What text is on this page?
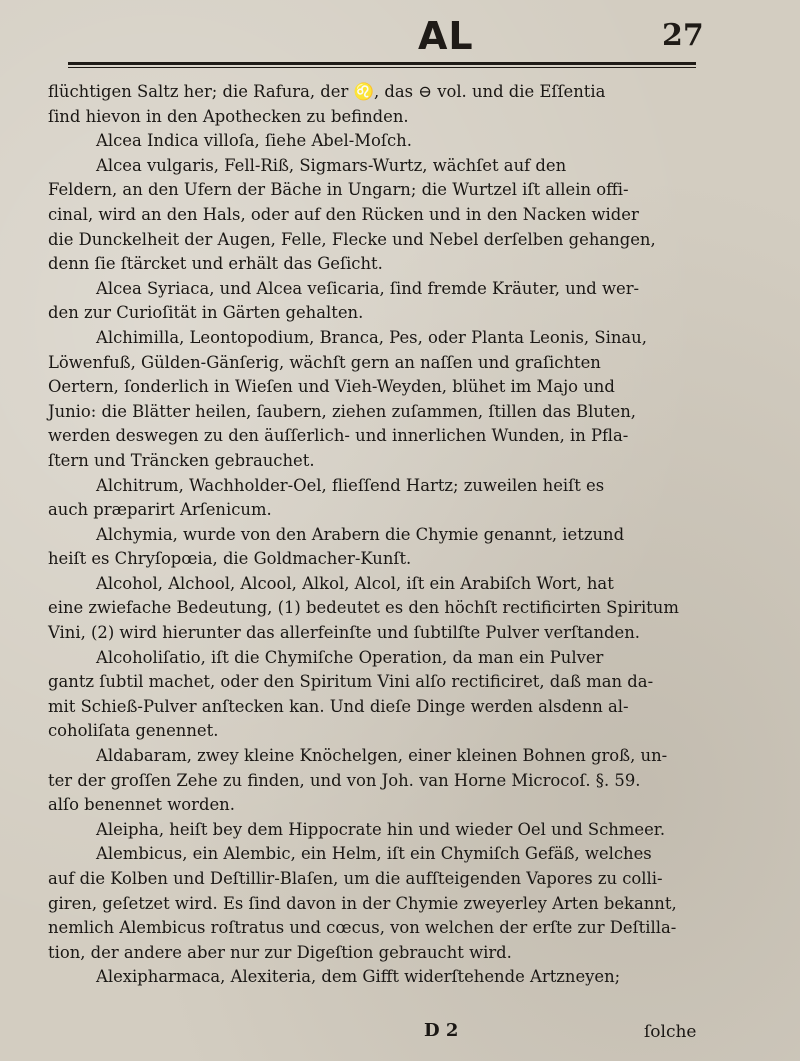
AL	27
flüchtigen Saltz her; die Rafura, der ♌, das ⊖ vol. und die Eſſentia
ſind hievon in den Apothecken zu befinden.
Alcea Indica villoſa, ſiehe Abel-Moſch.
Alcea vulgaris, Fell-Riß, Sigmars-Wurtz, wächſet auf den
Feldern, an den Ufern der Bäche in Ungarn; die Wurtzel iſt allein offi-
cinal, wird an den Hals, oder auf den Rücken und in den Nacken wider
die Dunckelheit der Augen, Felle, Flecke und Nebel derſelben gehangen,
denn ſie ſtärcket und erhält das Geſicht.
Alcea Syriaca, und Alcea veſicaria, ſind fremde Kräuter, und wer-
den zur Curioſität in Gärten gehalten.
Alchimilla, Leontopodium, Branca, Pes, oder Planta Leonis, Sinau,
Löwenfuß, Gülden-Gänſerig, wächſt gern an naſſen und graſichten
Oertern, ſonderlich in Wieſen und Vieh-Weyden, blühet im Majo und
Junio: die Blätter heilen, ſaubern, ziehen zuſammen, ſtillen das Bluten,
werden deswegen zu den äuſſerlich- und innerlichen Wunden, in Pfla-
ſtern und Träncken gebrauchet.
Alchitrum, Wachholder-Oel, flieſſend Hartz; zuweilen heiſt es
auch præparirt Arſenicum.
Alchymia, wurde von den Arabern die Chymie genannt, ietzund
heiſt es Chryſopœia, die Goldmacher-Kunſt.
Alcohol, Alchool, Alcool, Alkol, Alcol, iſt ein Arabiſch Wort, hat
eine zwiefache Bedeutung, (1) bedeutet es den höchſt rectificirten Spiritum
Vini, (2) wird hierunter das allerfeinſte und ſubtilſte Pulver verſtanden.
Alcoholiſatio, iſt die Chymiſche Operation, da man ein Pulver
gantz ſubtil machet, oder den Spiritum Vini alſo rectificiret, daß man da-
mit Schieß-Pulver anſtecken kan. Und dieſe Dinge werden alsdenn al-
coholiſata genennet.
Aldabaram, zwey kleine Knöchelgen, einer kleinen Bohnen groß, un-
ter der groſſen Zehe zu finden, und von Joh. van Horne Microcoſ. §. 59.
alſo benennet worden.
Aleipha, heiſt bey dem Hippocrate hin und wieder Oel und Schmeer.
Alembicus, ein Alembic, ein Helm, iſt ein Chymiſch Gefäß, welches
auf die Kolben und Deſtillir-Blaſen, um die aufſteigenden Vapores zu colli-
giren, geſetzet wird. Es ſind davon in der Chymie zweyerley Arten bekannt,
nemlich Alembicus roſtratus und cœcus, von welchen der erſte zur Deſtilla-
tion, der andere aber nur zur Digeſtion gebraucht wird.
Alexipharmaca, Alexiteria, dem Gifft widerſtehende Artzneyen;
D 2	ſolche
